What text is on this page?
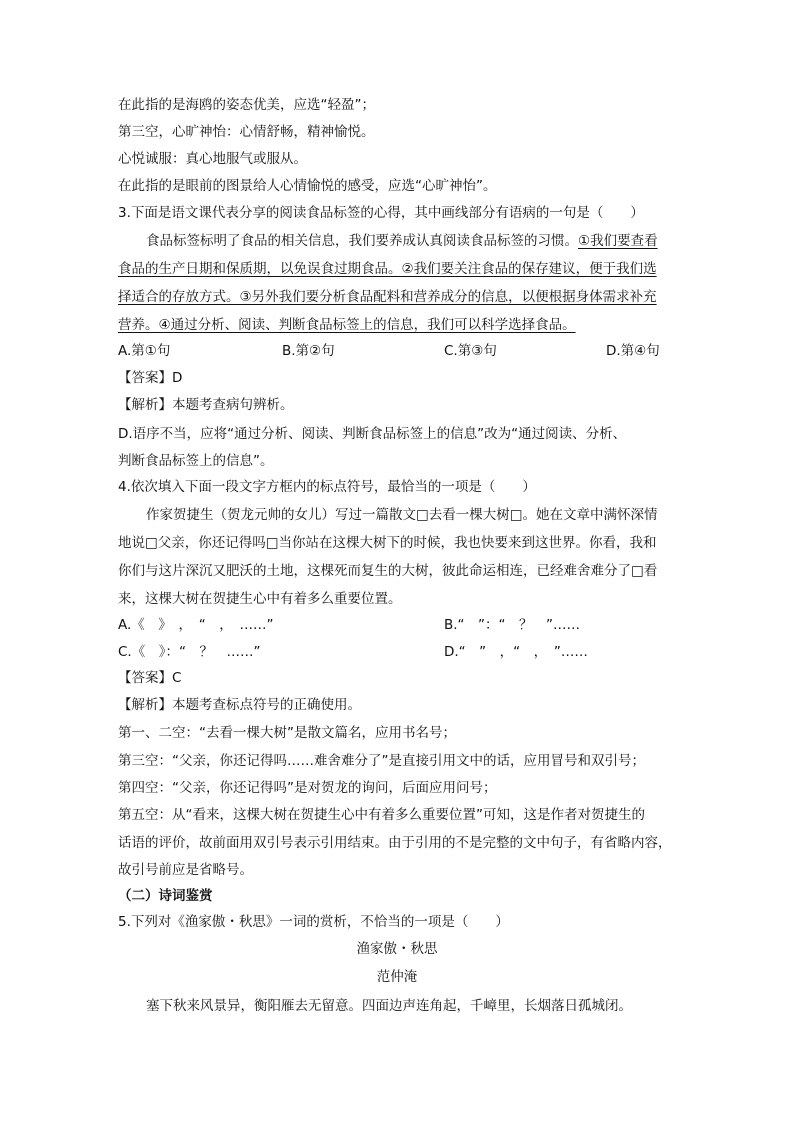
在此指的是海鸥的姿态优美，应选“轻盈”；
第三空，心旷神怡：心情舒畅，精神愉悦。
心悦诚服：真心地服气或服从。
在此指的是眼前的图景给人心情愉悦的感受，应选“心旷神怡”。
3.下面是语文课代表分享的阅读食品标签的心得，其中画线部分有语病的一句是（　　）
食品标签标明了食品的相关信息，我们要养成认真阅读食品标签的习惯。①我们要查看
食品的生产日期和保质期，以免误食过期食品。②我们要关注食品的保存建议，便于我们选
择适合的存放方式。③另外我们要分析食品配料和营养成分的信息，以便根据身体需求补充
营养。④通过分析、阅读、判断食品标签上的信息，我们可以科学选择食品。
A.第①句	B.第②句	C.第③句	D.第④句
【答案】D
【解析】本题考查病句辨析。
D.语序不当，应将“通过分析、阅读、判断食品标签上的信息”改为“通过阅读、分析、
判断食品标签上的信息”。
4.依次填入下面一段文字方框内的标点符号，最恰当的一项是（　　）
作家贺捷生（贺龙元帅的女儿）写过一篇散文□去看一棵大树□。她在文章中满怀深情
地说□父亲，你还记得吗□当你站在这棵大树下的时候，我也快要来到这世界。你看，我和
你们与这片深沉又肥沃的土地，这棵死而复生的大树，彼此命运相连，已经难舍难分了□看
来，这棵大树在贺捷生心中有着多么重要位置。
A.《　》　，　“　，　……”	B.“　”：“　？　”……
C.《　》：“　？　……”	D.“　”　，“　，　”……
【答案】C
【解析】本题考查标点符号的正确使用。
第一、二空：“去看一棵大树”是散文篇名，应用书名号；
第三空：“父亲，你还记得吗……难舍难分了”是直接引用文中的话，应用冒号和双引号；
第四空：“父亲，你还记得吗”是对贺龙的询问，后面应用问号；
第五空：从“看来，这棵大树在贺捷生心中有着多么重要位置”可知，这是作者对贺捷生的
话语的评价，故前面用双引号表示引用结束。由于引用的不是完整的文中句子，有省略内容，
故引号前应是省略号。
（二）诗词鉴赏
5.下列对《渔家傲・秋思》一词的赏析，不恰当的一项是（　　）
渔家傲・秋思
范仲淹
塞下秋来风景异，衡阳雁去无留意。四面边声连角起，千嶂里，长烟落日孤城闭。
